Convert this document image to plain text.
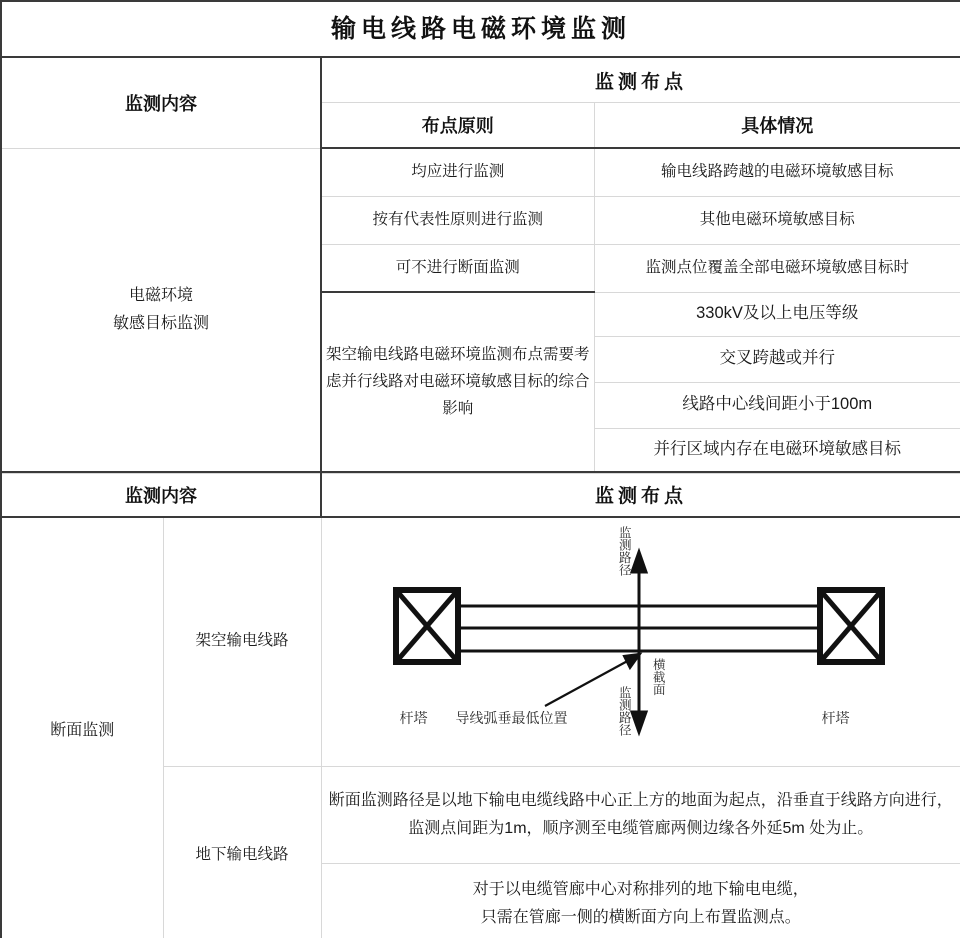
输电线路电磁环境监测		

监测内容	监测布点	
	布点原则	具体情况

电磁环境
敏感目标监测	均应进行监测	输电线路跨越的电磁环境敏感目标
	按有代表性原则进行监测	其他电磁环境敏感目标
	可不进行断面监测	监测点位覆盖全部电磁环境敏感目标时
	架空输电线路电磁环境监测布点需要考虑并行线路对电磁环境敏感目标的综合影响	330kV及以上电压等级
		交叉跨越或并行
		线路中心线间距小于100m
		并行区域内存在电磁环境敏感目标
监测内容		监测布点
断面监测	架空输电线路	
监测路径
监测路径
横截面
杆塔 导线弧垂最低位置	杆塔

	地下输电线路	断面监测路径是以地下输电电缆线路中心正上方的地面为起点，沿垂直于线路方向进行，监测点间距为1m，顺序测至电缆管廊两侧边缘各外延5m 处为止。

		对于以电缆管廊中心对称排列的地下输电电缆，
只需在管廊一侧的横断面方向上布置监测点。
